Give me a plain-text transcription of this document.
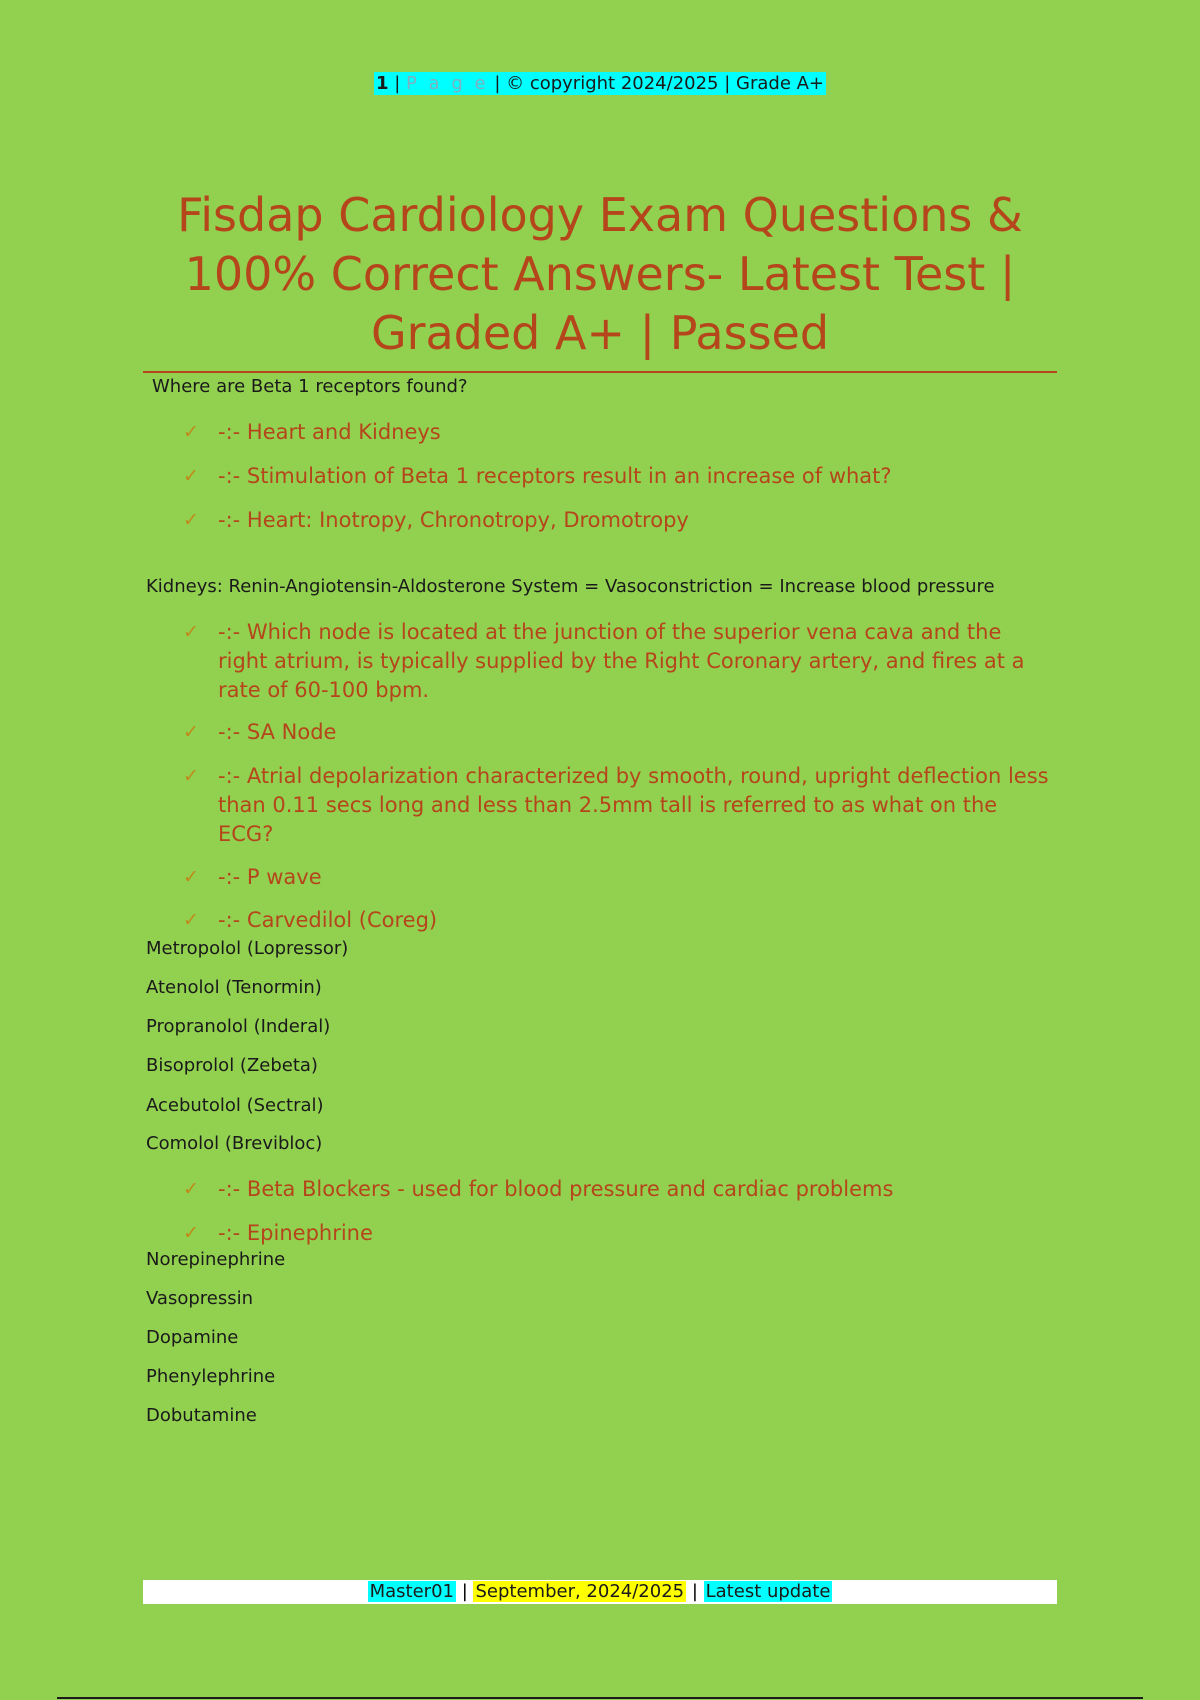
1 | P a g e | © copyright 2024/2025 | Grade A+
Fisdap Cardiology Exam Questions & 100% Correct Answers- Latest Test | Graded A+ | Passed
Where are Beta 1 receptors found?
✓ -:- Heart and Kidneys
✓ -:- Stimulation of Beta 1 receptors result in an increase of what?
✓ -:- Heart: Inotropy, Chronotropy, Dromotropy
Kidneys: Renin-Angiotensin-Aldosterone System = Vasoconstriction = Increase blood pressure
✓ -:- Which node is located at the junction of the superior vena cava and the right atrium, is typically supplied by the Right Coronary artery, and fires at a rate of 60-100 bpm.
✓ -:- SA Node
✓ -:- Atrial depolarization characterized by smooth, round, upright deflection less than 0.11 secs long and less than 2.5mm tall is referred to as what on the ECG?
✓ -:- P wave
✓ -:- Carvedilol (Coreg)
Metropolol (Lopressor)
Atenolol (Tenormin)
Propranolol (Inderal)
Bisoprolol (Zebeta)
Acebutolol (Sectral)
Comolol (Brevibloc)
✓ -:- Beta Blockers - used for blood pressure and cardiac problems
✓ -:- Epinephrine
Norepinephrine
Vasopressin
Dopamine
Phenylephrine
Dobutamine
Master01 | September, 2024/2025 | Latest update
